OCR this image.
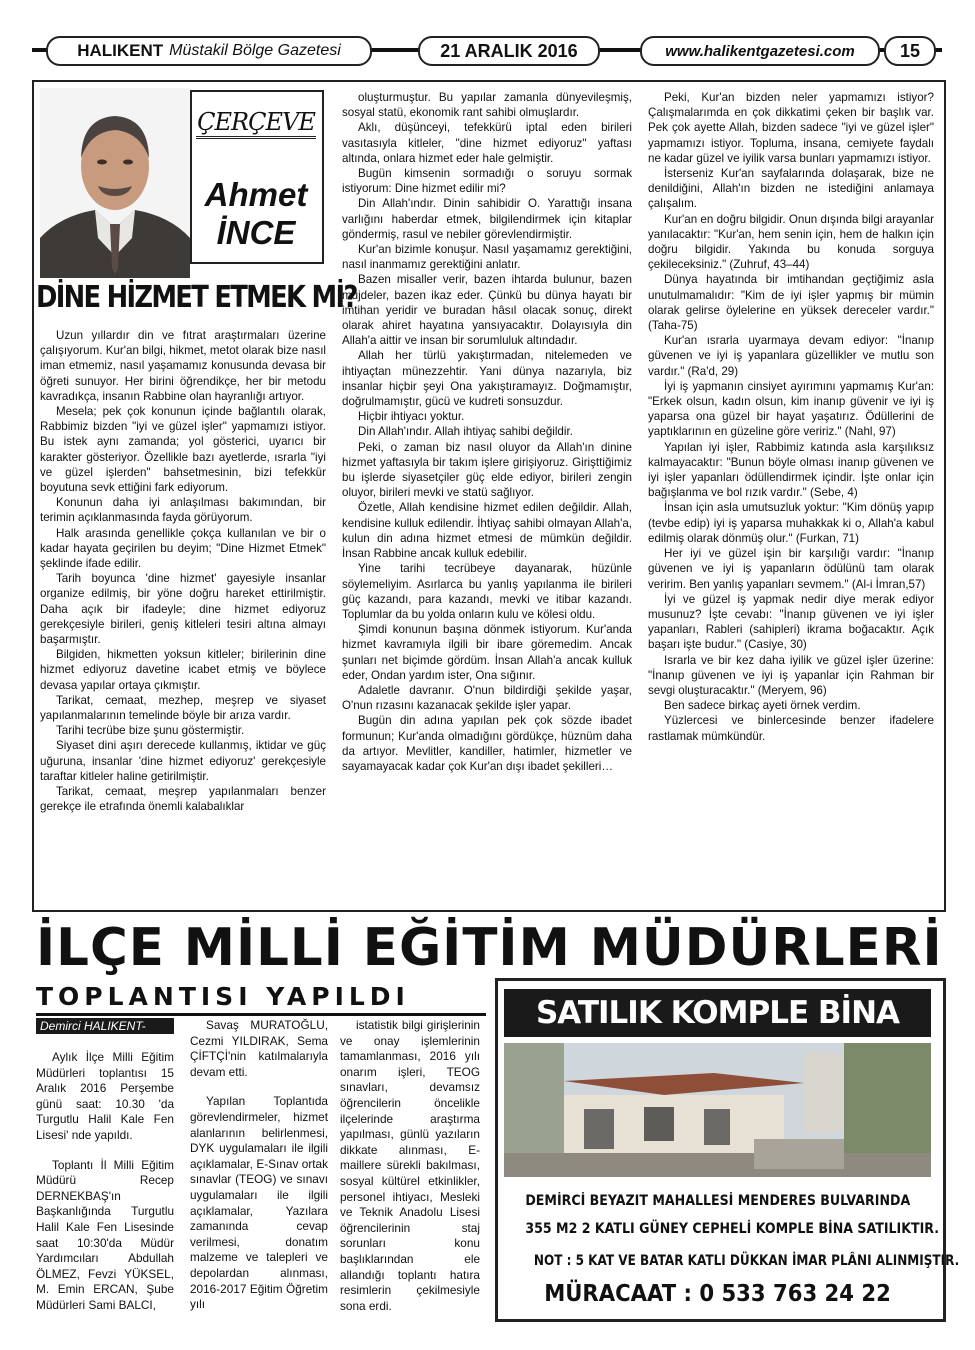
HALIKENT Müstakil Bölge Gazetesi	21 ARALIK 2016	www.halikentgazetesi.com	15
ÇERÇEVE
Ahmet
İNCE
DİNE HİZMET ETMEK Mİ?

Uzun yıllardır din ve fıtrat araştırmaları üzerine çalışıyorum. Kur'an bilgi, hikmet, metot olarak bize nasıl iman etmemiz, nasıl yaşamamız konusunda devasa bir öğreti sunuyor. Her birini öğrendikçe, her bir metodu kavradıkça, insanın Rabbine olan hayranlığı artıyor.

Mesela; pek çok konunun içinde bağlantılı olarak, Rabbimiz bizden "iyi ve güzel işler" yapmamızı istiyor. Bu istek aynı zamanda; yol gösterici, uyarıcı bir karakter gösteriyor. Özellikle bazı ayetlerde, ısrarla "iyi ve güzel işlerden" bahsetmesinin, bizi tefekkür boyutuna sevk ettiğini fark ediyorum.

Konunun daha iyi anlaşılması bakımından, bir terimin açıklanmasında fayda görüyorum.

Halk arasında genellikle çokça kullanılan ve bir o kadar hayata geçirilen bu deyim; "Dine Hizmet Etmek" şeklinde ifade edilir.

Tarih boyunca 'dine hizmet' gayesiyle insanlar organize edilmiş, bir yöne doğru hareket ettirilmiştir. Daha açık bir ifadeyle; dine hizmet ediyoruz gerekçesiyle birileri, geniş kitleleri tesiri altına almayı başarmıştır.

Bilgiden, hikmetten yoksun kitleler; birilerinin dine hizmet ediyoruz davetine icabet etmiş ve böylece devasa yapılar ortaya çıkmıştır.

Tarikat, cemaat, mezhep, meşrep ve siyaset yapılanmalarının temelinde böyle bir arıza vardır.

Tarihi tecrübe bize şunu göstermiştir.

Siyaset dini aşırı derecede kullanmış, iktidar ve güç uğuruna, insanlar 'dine hizmet ediyoruz' gerekçesiyle taraftar kitleler haline getirilmiştir.

Tarikat, cemaat, meşrep yapılanmaları benzer gerekçe ile etrafında önemli kalabalıklar

oluşturmuştur. Bu yapılar zamanla dünyevileşmiş, sosyal statü, ekonomik rant sahibi olmuşlardır.

Aklı, düşünceyi, tefekkürü iptal eden birileri vasıtasıyla kitleler, "dine hizmet ediyoruz" yaftası altında, onlara hizmet eder hale gelmiştir.

Bugün kimsenin sormadığı o soruyu sormak istiyorum: Dine hizmet edilir mi?

Din Allah'ındır. Dinin sahibidir O. Yarattığı insana varlığını haberdar etmek, bilgilendirmek için kitaplar göndermiş, rasul ve nebiler görevlendirmiştir.

Kur'an bizimle konuşur. Nasıl yaşamamız gerektiğini, nasıl inanmamız gerektiğini anlatır.

Bazen misaller verir, bazen ihtarda bulunur, bazen müjdeler, bazen ikaz eder. Çünkü bu dünya hayatı bir imtihan yeridir ve buradan hâsıl olacak sonuç, direkt olarak ahiret hayatına yansıyacaktır. Dolayısıyla din Allah'a aittir ve insan bir sorumluluk altındadır.

Allah her türlü yakıştırmadan, nitelemeden ve ihtiyaçtan münezzehtir. Yani dünya nazarıyla, biz insanlar hiçbir şeyi Ona yakıştıramayız. Doğmamıştır, doğrulmamıştır, gücü ve kudreti sonsuzdur.

Hiçbir ihtiyacı yoktur.

Din Allah'ındır. Allah ihtiyaç sahibi değildir.

Peki, o zaman biz nasıl oluyor da Allah'ın dinine hizmet yaftasıyla bir takım işlere girişiyoruz. Girişttiğimiz bu işlerde siyasetçiler güç elde ediyor, birileri zengin oluyor, birileri mevki ve statü sağlıyor.

Özetle, Allah kendisine hizmet edilen değildir. Allah, kendisine kulluk edilendir. İhtiyaç sahibi olmayan Allah'a, kulun din adına hizmet etmesi de mümkün değildir. İnsan Rabbine ancak kulluk edebilir.

Yine tarihi tecrübeye dayanarak, hüzünle söylemeliyim. Asırlarca bu yanlış yapılanma ile birileri güç kazandı, para kazandı, mevki ve itibar kazandı. Toplumlar da bu yolda onların kulu ve kölesi oldu.

Şimdi konunun başına dönmek istiyorum. Kur'anda hizmet kavramıyla ilgili bir ibare göremedim. Ancak şunları net biçimde gördüm. İnsan Allah'a ancak kulluk eder, Ondan yardım ister, Ona sığınır.

Adaletle davranır. O'nun bildirdiği şekilde yaşar, O'nun rızasını kazanacak şekilde işler yapar.

Bugün din adına yapılan pek çok sözde ibadet formunun; Kur'anda olmadığını gördükçe, hüznüm daha da artıyor. Mevlitler, kandiller, hatimler, hizmetler ve sayamayacak kadar çok Kur'an dışı ibadet şekilleri…

Peki, Kur'an bizden neler yapmamızı istiyor? Çalışmalarımda en çok dikkatimi çeken bir başlık var. Pek çok ayette Allah, bizden sadece "iyi ve güzel işler" yapmamızı istiyor. Topluma, insana, cemiyete faydalı ne kadar güzel ve iyilik varsa bunları yapmamızı istiyor.

İsterseniz Kur'an sayfalarında dolaşarak, bize ne denildiğini, Allah'ın bizden ne istediğini anlamaya çalışalım.

Kur'an en doğru bilgidir. Onun dışında bilgi arayanlar yanılacaktır: "Kur'an, hem senin için, hem de halkın için doğru bilgidir. Yakında bu konuda sorguya çekileceksiniz." (Zuhruf, 43–44)

Dünya hayatında bir imtihandan geçtiğimiz asla unutulmamalıdır: "Kim de iyi işler yapmış bir mümin olarak gelirse öylelerine en yüksek dereceler vardır." (Taha-75)

Kur'an ısrarla uyarmaya devam ediyor: "İnanıp güvenen ve iyi iş yapanlara güzellikler ve mutlu son vardır." (Ra'd, 29)

İyi iş yapmanın cinsiyet ayırımını yapmamış Kur'an: "Erkek olsun, kadın olsun, kim inanıp güvenir ve iyi iş yaparsa ona güzel bir hayat yaşatırız. Ödüllerini de yaptıklarının en güzeline göre veririz." (Nahl, 97)

Yapılan iyi işler, Rabbimiz katında asla karşılıksız kalmayacaktır: "Bunun böyle olması inanıp güvenen ve iyi işler yapanları ödüllendirmek içindir. İşte onlar için bağışlanma ve bol rızık vardır." (Sebe, 4)

İnsan için asla umutsuzluk yoktur: "Kim dönüş yapıp (tevbe edip) iyi iş yaparsa muhakkak ki o, Allah'a kabul edilmiş olarak dönmüş olur." (Furkan, 71)

Her iyi ve güzel işin bir karşılığı vardır: "İnanıp güvenen ve iyi iş yapanların ödülünü tam olarak veririm. Ben yanlış yapanları sevmem." (Al-i İmran,57)

İyi ve güzel iş yapmak nedir diye merak ediyor musunuz? İşte cevabı: "İnanıp güvenen ve iyi işler yapanları, Rableri (sahipleri) ikrama boğacaktır. Açık başarı işte budur." (Casiye, 30)

Israrla ve bir kez daha iyilik ve güzel işler üzerine: "İnanıp güvenen ve iyi iş yapanlar için Rahman bir sevgi oluşturacaktır." (Meryem, 96)

Ben sadece birkaç ayeti örnek verdim.

Yüzlercesi ve binlercesinde benzer ifadelere rastlamak mümkündür.

İLÇE MİLLİ EĞİTİM MÜDÜRLERİ
TOPLANTISI YAPILDI
Demirci HALIKENT-

Aylık İlçe Milli Eğitim Müdürleri toplantısı 15 Aralık 2016 Perşembe günü saat: 10.30 'da Turgutlu Halil Kale Fen Lisesi' nde yapıldı.

Toplantı İl Milli Eğitim Müdürü Recep DERNEKBAŞ'ın Başkanlığında Turgutlu Halil Kale Fen Lisesinde saat 10:30'da Müdür Yardımcıları Abdullah ÖLMEZ, Fevzi YÜKSEL, M. Emin ERCAN, Şube Müdürleri Sami BALCI,

Savaş MURATOĞLU, Cezmi YILDIRAK, Sema ÇİFTÇİ'nin katılmalarıyla devam etti.

Yapılan Toplantıda görevlendirmeler, hizmet alanlarının belirlenmesi, DYK uygulamaları ile ilgili açıklamalar, E-Sınav ortak sınavlar (TEOG) ve sınavı uygulamaları ile ilgili açıklamalar, Yazılara zamanında cevap verilmesi, donatım malzeme ve talepleri ve depolardan alınması, 2016-2017 Eğitim Öğretim yılı

istatistik bilgi girişlerinin ve onay işlemlerinin tamamlanması, 2016 yılı onarım işleri, TEOG sınavları, devamsız öğrencilerin öncelikle ilçelerinde araştırma yapılması, günlü yazıların dikkate alınması, E-maillere sürekli bakılması, sosyal kültürel etkinlikler, personel ihtiyacı, Mesleki ve Teknik Anadolu Lisesi öğrencilerinin staj sorunları konu başlıklarından ele allandığı toplantı hatıra resimlerin çekilmesiyle sona erdi.

SATILIK KOMPLE BİNA
DEMİRCİ BEYAZIT MAHALLESİ MENDERES BULVARINDA
355 M2 2 KATLI GÜNEY CEPHELİ KOMPLE BİNA SATILIKTIR.
NOT : 5 KAT VE BATAR KATLI DÜKKAN İMAR PLÂNI ALINMIŞTIR.
MÜRACAAT : 0 533 763 24 22
